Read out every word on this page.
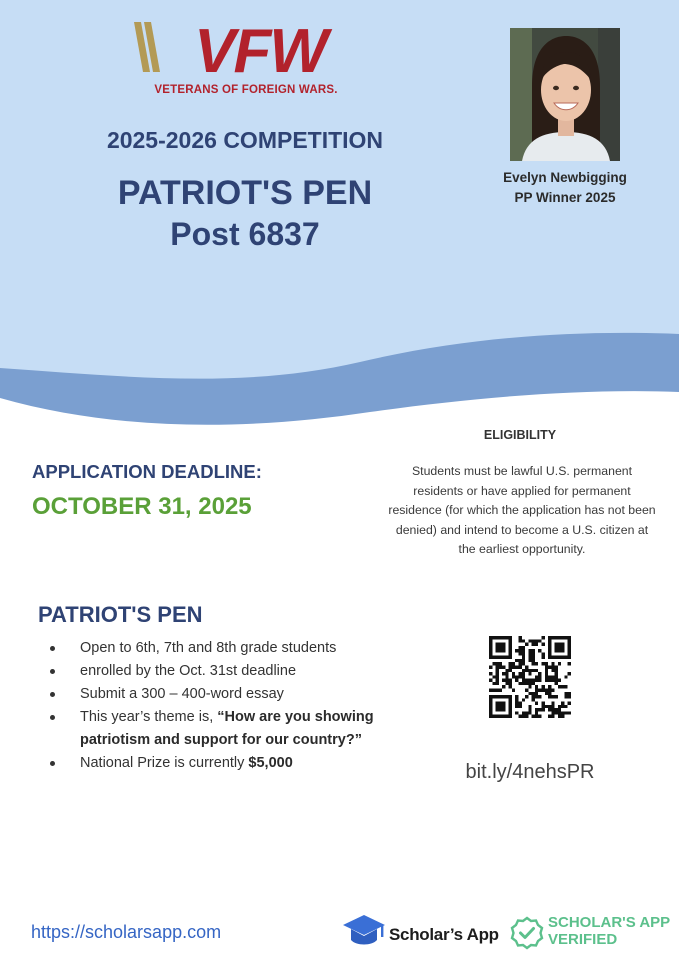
VFW
VETERANS OF FOREIGN WARS.
2025-2026 COMPETITION
PATRIOT'S PEN
Post 6837
Evelyn Newbigging
PP Winner 2025
APPLICATION DEADLINE:
OCTOBER 31, 2025
ELIGIBILITY
Students must be lawful U.S. permanent residents or have applied for permanent residence (for which the application has not been denied) and intend to become a U.S. citizen at the earliest opportunity.
PATRIOT'S PEN
Open to 6th, 7th and 8th grade students
enrolled by the Oct. 31st deadline
Submit a 300 – 400-word essay
This year’s theme is, “How are you showing patriotism and support for our country?”
National Prize is currently $5,000	bit.ly/4nehsPR
https://scholarsapp.com	Scholar’s App
SCHOLAR'S APP
VERIFIED
